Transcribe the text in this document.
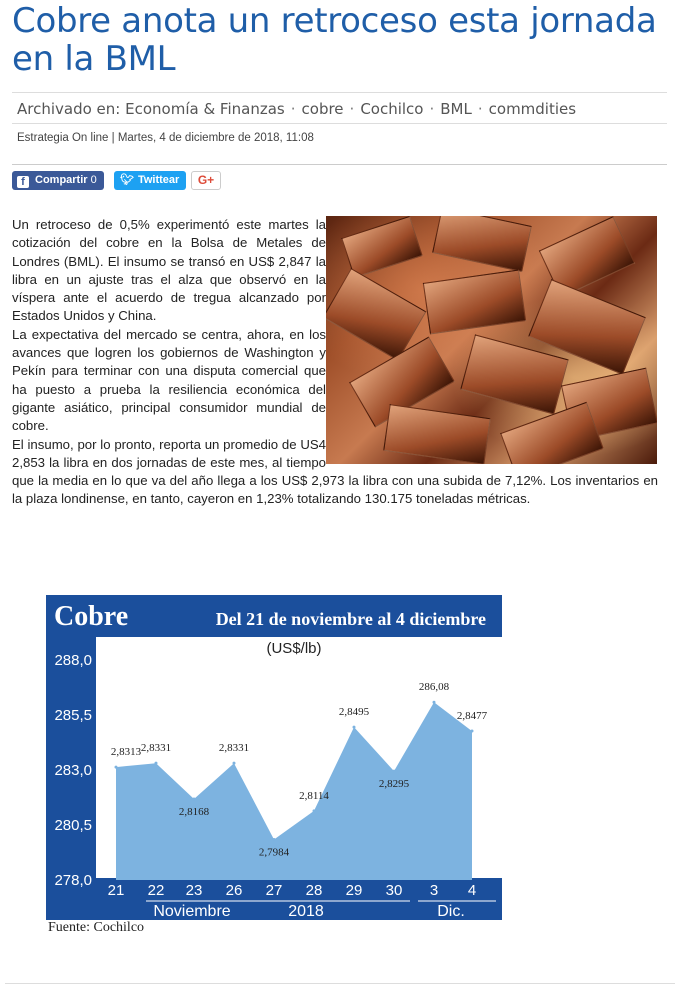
Cobre anota un retroceso esta jornada en la BML
Archivado en: Economía & Finanzas · cobre · Cochilco · BML · commdities
Estrategia On line | Martes, 4 de diciembre de 2018, 11:08
f Compartir 0	🐦︎ Twittear	G+

Un retroceso de 0,5% experimentó este martes la cotización del cobre en la Bolsa de Metales de Londres (BML). El insumo se transó en US$ 2,847 la libra en un ajuste tras el alza que observó en la víspera ante el acuerdo de tregua alcanzado por Estados Unidos y China.

La expectativa del mercado se centra, ahora, en los avances que logren los gobiernos de Washington y Pekín para terminar con una disputa comercial que ha puesto a prueba la resiliencia económica del gigante asiático, principal consumidor mundial de cobre.

El insumo, por lo pronto, reporta un promedio de US4 2,853 la libra en dos jornadas de este mes, al tiempo que la media en lo que va del año llega a los US$ 2,973 la libra con una subida de 7,12%. Los inventarios en la plaza londinense, en tanto, cayeron en 1,23% totalizando 130.175 toneladas métricas.

Cobre	Del 21 de noviembre al 4 diciembre
(US$/lb)
288,0
285,5
283,0
280,5
278,0
2,8313 2,8331
2,8168
2,8331
2,7984
2,8114
2,8495
2,8295
286,08
2,8477
21 22 23 26 27 28 29 30 3 4
Noviembre	2018	Dic.
Fuente: Cochilco
